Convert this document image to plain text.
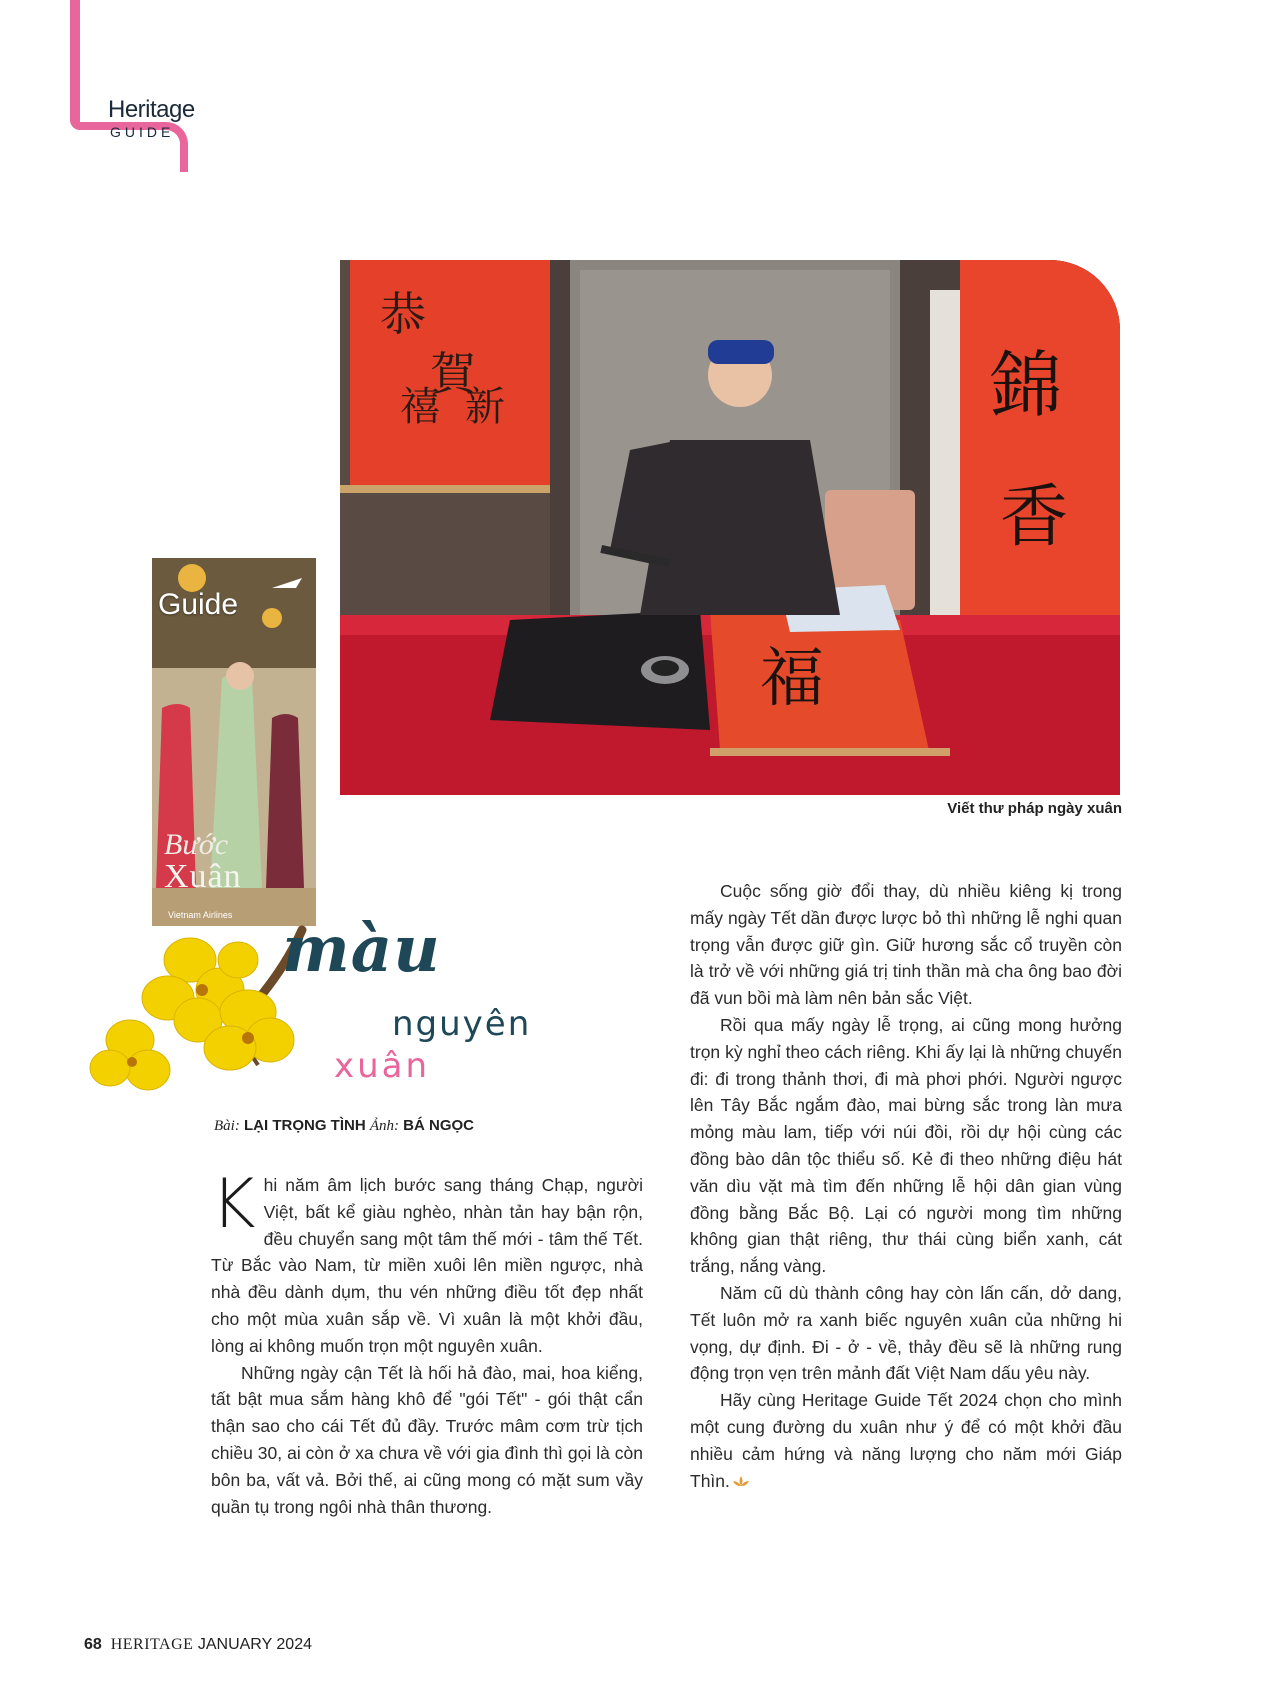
Heritage
GUIDE
恭
賀
禧 新	錦
香
福
Viết thư pháp ngày xuân
Guide
Bước
Xuân
Vietnam Airlines màu
nguyên
xuân
Bài: LẠI TRỌNG TÌNH Ảnh: BÁ NGỌC

Khi năm âm lịch bước sang tháng Chạp, người Việt, bất kể giàu nghèo, nhàn tản hay bận rộn, đều chuyển sang một tâm thế mới - tâm thế Tết. Từ Bắc vào Nam, từ miền xuôi lên miền ngược, nhà nhà đều dành dụm, thu vén những điều tốt đẹp nhất cho một mùa xuân sắp về. Vì xuân là một khởi đầu, lòng ai không muốn trọn một nguyên xuân.

Những ngày cận Tết là hối hả đào, mai, hoa kiểng, tất bật mua sắm hàng khô để "gói Tết" - gói thật cẩn thận sao cho cái Tết đủ đầy. Trước mâm cơm trừ tịch chiều 30, ai còn ở xa chưa về với gia đình thì gọi là còn bôn ba, vất vả. Bởi thế, ai cũng mong có mặt sum vầy quần tụ trong ngôi nhà thân thương.

Cuộc sống giờ đổi thay, dù nhiều kiêng kị trong mấy ngày Tết dần được lược bỏ thì những lễ nghi quan trọng vẫn được giữ gìn. Giữ hương sắc cổ truyền còn là trở về với những giá trị tinh thần mà cha ông bao đời đã vun bồi mà làm nên bản sắc Việt.

Rồi qua mấy ngày lễ trọng, ai cũng mong hưởng trọn kỳ nghỉ theo cách riêng. Khi ấy lại là những chuyến đi: đi trong thảnh thơi, đi mà phơi phới. Người ngược lên Tây Bắc ngắm đào, mai bừng sắc trong làn mưa mỏng màu lam, tiếp với núi đồi, rồi dự hội cùng các đồng bào dân tộc thiểu số. Kẻ đi theo những điệu hát văn dìu vặt mà tìm đến những lễ hội dân gian vùng đồng bằng Bắc Bộ. Lại có người mong tìm những không gian thật riêng, thư thái cùng biển xanh, cát trắng, nắng vàng.

Năm cũ dù thành công hay còn lấn cấn, dở dang, Tết luôn mở ra xanh biếc nguyên xuân của những hi vọng, dự định. Đi - ở - về, thảy đều sẽ là những rung động trọn vẹn trên mảnh đất Việt Nam dấu yêu này.

Hãy cùng Heritage Guide Tết 2024 chọn cho mình một cung đường du xuân như ý để có một khởi đầu nhiều cảm hứng và năng lượng cho năm mới Giáp Thìn.

68 HERITAGE JANUARY 2024
